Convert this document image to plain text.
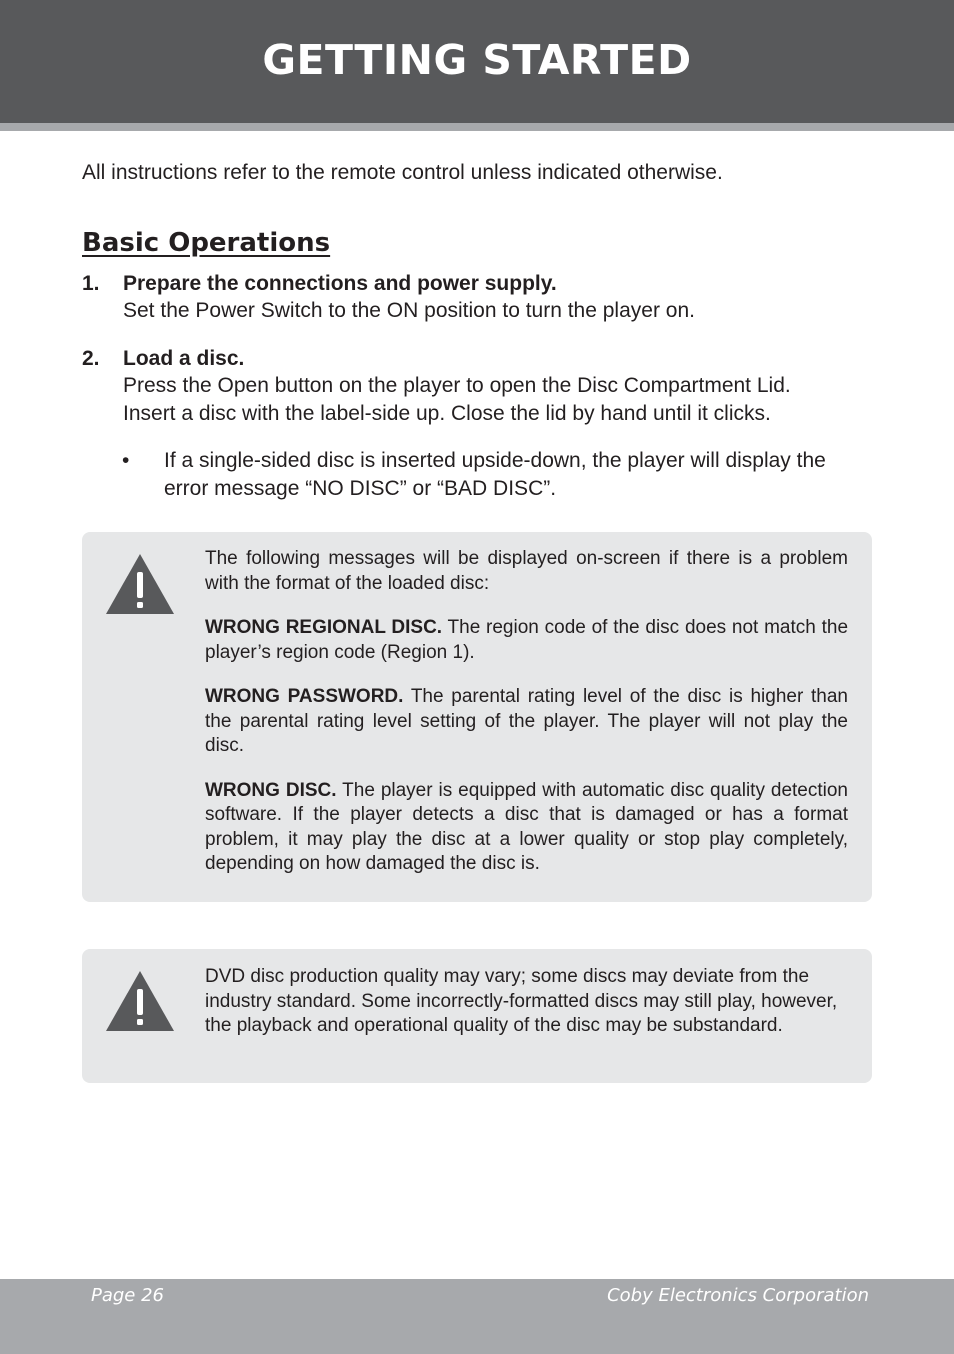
GETTING STARTED
All instructions refer to the remote control unless indicated otherwise.
Basic Operations
1. Prepare the connections and power supply.

Set the Power Switch to the ON position to turn the player on.

2. Load a disc.

Press the Open button on the player to open the Disc Compartment Lid.

Insert a disc with the label-side up. Close the lid by hand until it clicks.

• If a single-sided disc is inserted upside-down, the player will display the error message “NO DISC” or “BAD DISC”.

The following messages will be displayed on-screen if there is a problem with the format of the loaded disc:

WRONG REGIONAL DISC. The region code of the disc does not match the player’s region code (Region 1).

WRONG PASSWORD. The parental rating level of the disc is higher than the parental rating level setting of the player. The player will not play the disc.

WRONG DISC. The player is equipped with automatic disc quality detection software. If the player detects a disc that is damaged or has a format problem, it may play the disc at a lower quality or stop play completely, depending on how damaged the disc is.

DVD disc production quality may vary; some discs may deviate from the industry standard. Some incorrectly-formatted discs may still play, however, the playback and operational quality of the disc may be substandard.

Page 26	Coby Electronics Corporation
